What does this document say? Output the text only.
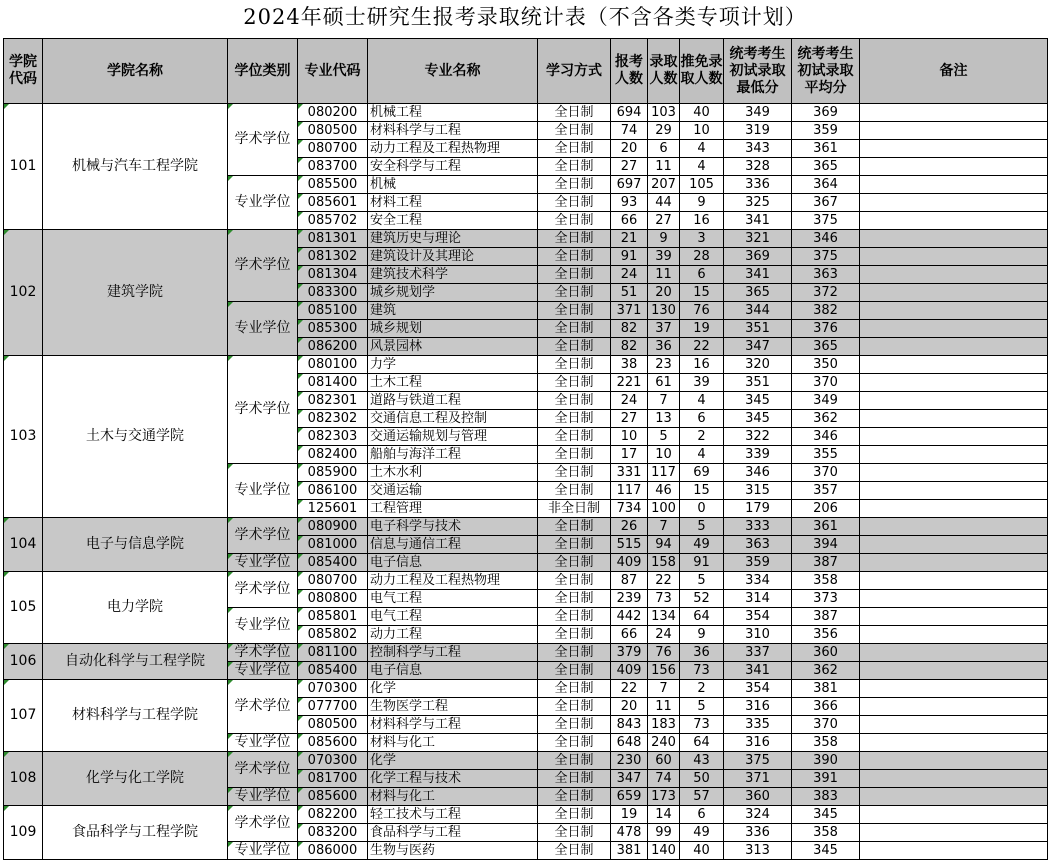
2024年硕士研究生报考录取统计表（不含各类专项计划）
学院代码	学院名称	学位类别	专业代码	专业名称	学习方式	报考人数	录取人数	推免录取人数	统考考生初试录取最低分	统考考生初试录取平均分	备注
101	机械与汽车工程学院	学术学位	080200	机械工程	全日制	694	103	40	349	369	
			080500	材料科学与工程	全日制	74	29	10	319	359	
			080700	动力工程及工程热物理	全日制	20	6	4	343	361	
			083700	安全科学与工程	全日制	27	11	4	328	365	
		专业学位	085500	机械	全日制	697	207	105	336	364	
			085601	材料工程	全日制	93	44	9	325	367	
			085702	安全工程	全日制	66	27	16	341	375	
102	建筑学院	学术学位	081301	建筑历史与理论	全日制	21	9	3	321	346	
			081302	建筑设计及其理论	全日制	91	39	28	369	375	
			081304	建筑技术科学	全日制	24	11	6	341	363	
			083300	城乡规划学	全日制	51	20	15	365	372	
		专业学位	085100	建筑	全日制	371	130	76	344	382	
			085300	城乡规划	全日制	82	37	19	351	376	
			086200	风景园林	全日制	82	36	22	347	365	
103	土木与交通学院	学术学位	080100	力学	全日制	38	23	16	320	350	
			081400	土木工程	全日制	221	61	39	351	370	
			082301	道路与铁道工程	全日制	24	7	4	345	349	
			082302	交通信息工程及控制	全日制	27	13	6	345	362	
			082303	交通运输规划与管理	全日制	10	5	2	322	346	
			082400	船舶与海洋工程	全日制	17	10	4	339	355	
		专业学位	085900	土木水利	全日制	331	117	69	346	370	
			086100	交通运输	全日制	117	46	15	315	357	
			125601	工程管理	非全日制	734	100	0	179	206	
104	电子与信息学院	学术学位	080900	电子科学与技术	全日制	26	7	5	333	361	
			081000	信息与通信工程	全日制	515	94	49	363	394	
		专业学位	085400	电子信息	全日制	409	158	91	359	387	
105	电力学院	学术学位	080700	动力工程及工程热物理	全日制	87	22	5	334	358	
			080800	电气工程	全日制	239	73	52	314	373	
		专业学位	085801	电气工程	全日制	442	134	64	354	387	
			085802	动力工程	全日制	66	24	9	310	356	
106	自动化科学与工程学院	学术学位	081100	控制科学与工程	全日制	379	76	36	337	360	
		专业学位	085400	电子信息	全日制	409	156	73	341	362	
107	材料科学与工程学院	学术学位	070300	化学	全日制	22	7	2	354	381	
			077700	生物医学工程	全日制	20	11	5	316	366	
			080500	材料科学与工程	全日制	843	183	73	335	370	
		专业学位	085600	材料与化工	全日制	648	240	64	316	358	
108	化学与化工学院	学术学位	070300	化学	全日制	230	60	43	375	390	
			081700	化学工程与技术	全日制	347	74	50	371	391	
		专业学位	085600	材料与化工	全日制	659	173	57	360	383	
109	食品科学与工程学院	学术学位	082200	轻工技术与工程	全日制	19	14	6	324	345	
			083200	食品科学与工程	全日制	478	99	49	336	358	
		专业学位	086000	生物与医药	全日制	381	140	40	313	345	
